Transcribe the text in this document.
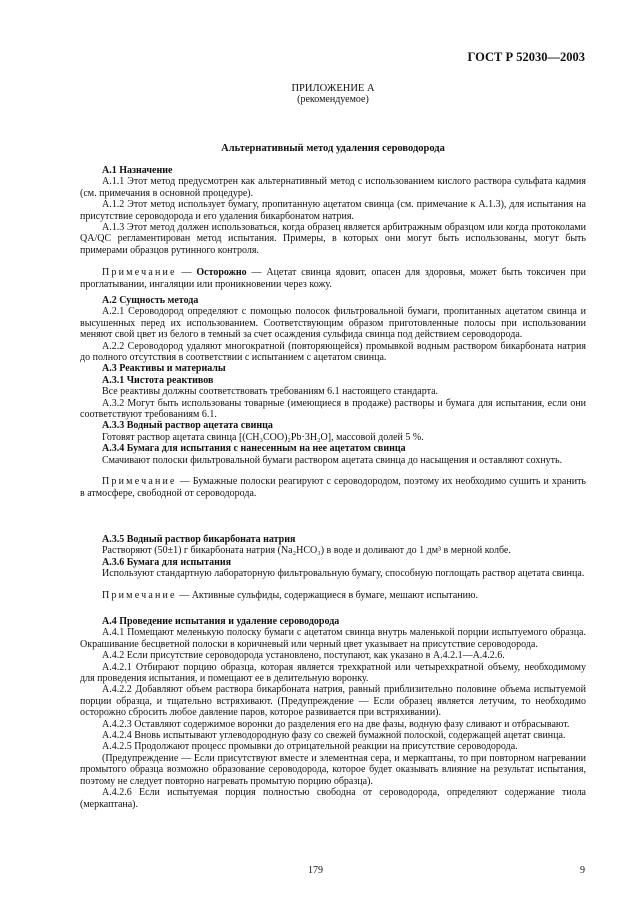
ГОСТ Р 52030—2003
ПРИЛОЖЕНИЕ А
(рекомендуемое)
Альтернативный метод удаления сероводорода

А.1 Назначение

А.1.1 Этот метод предусмотрен как альтернативный метод с использованием кислого раствора сульфата кадмия (см. примечания в основной процедуре).

А.1.2 Этот метод использует бумагу, пропитанную ацетатом свинца (см. примечание к А.1.3), для испытания на присутствие сероводорода и его удаления бикарбонатом натрия.

А.1.3 Этот метод должен использоваться, когда образец является арбитражным образцом или когда протоколами QA/QC регламентирован метод испытания. Примеры, в которых они могут быть использованы, могут быть примерами образцов рутинного контроля.

Примечание — Осторожно — Ацетат свинца ядовит, опасен для здоровья, может быть токсичен при проглатывании, ингаляции или проникновении через кожу.

А.2 Сущность метода

А.2.1 Сероводород определяют с помощью полосок фильтровальной бумаги, пропитанных ацетатом свинца и высушенных перед их использованием. Соответствующим образом приготовленные полосы при использовании меняют свой цвет из белого в темный за счет осаждения сульфида свинца под действием сероводорода.

А.2.2 Сероводород удаляют многократной (повторяющейся) промывкой водным раствором бикарбоната натрия до полного отсутствия в соответствии с испытанием с ацетатом свинца.

А.3 Реактивы и материалы

А.3.1 Чистота реактивов

Все реактивы должны соответствовать требованиям 6.1 настоящего стандарта.

А.3.2 Могут быть использованы товарные (имеющиеся в продаже) растворы и бумага для испытания, если они соответствуют требованиям 6.1.

А.3.3 Водный раствор ацетата свинца

Готовят раствор ацетата свинца [(CH₃COO)₂Pb·3H₂O], массовой долей 5 %.

А.3.4 Бумага для испытания с нанесенным на нее ацетатом свинца

Смачивают полоски фильтровальной бумаги раствором ацетата свинца до насыщения и оставляют сохнуть.

Примечание — Бумажные полоски реагируют с сероводородом, поэтому их необходимо сушить и хранить в атмосфере, свободной от сероводорода.

А.3.5 Водный раствор бикарбоната натрия

Растворяют (50±1) г бикарбоната натрия (Na₂HCO₃) в воде и доливают до 1 дм³ в мерной колбе.

А.3.6 Бумага для испытания

Используют стандартную лабораторную фильтровальную бумагу, способную поглощать раствор ацетата свинца.

Примечание — Активные сульфиды, содержащиеся в бумаге, мешают испытанию.

А.4 Проведение испытания и удаление сероводорода

А.4.1 Помещают меленькую полоску бумаги с ацетатом свинца внутрь маленькой порции испытуемого образца. Окрашивание бесцветной полоски в коричневый или черный цвет указывает на присутствие сероводорода.

А.4.2 Если присутствие сероводорода установлено, поступают, как указано в А.4.2.1—А.4.2.6.

А.4.2.1 Отбирают порцию образца, которая является трехкратной или четырехкратной объему, необходимому для проведения испытания, и помещают ее в делительную воронку.

А.4.2.2 Добавляют объем раствора бикарбоната натрия, равный приблизительно половине объема испытуемой порции образца, и тщательно встряхивают. (Предупреждение — Если образец является летучим, то необходимо осторожно сбросить любое давление паров, которое развивается при встряхивании).

А.4.2.3 Оставляют содержимое воронки до разделения его на две фазы, водную фазу сливают и отбрасывают.

А.4.2.4 Вновь испытывают углеводородную фазу со свежей бумажной полоской, содержащей ацетат свинца.

А.4.2.5 Продолжают процесс промывки до отрицательной реакции на присутствие сероводорода.

(Предупреждение — Если присутствуют вместе и элементная сера, и меркаптаны, то при повторном нагревании промытого образца возможно образование сероводорода, которое будет оказывать влияние на результат испытания, поэтому не следует повторно нагревать промытую порцию образца).

А.4.2.6 Если испытуемая порция полностью свободна от сероводорода, определяют содержание тиола (меркаптана).

179	9
